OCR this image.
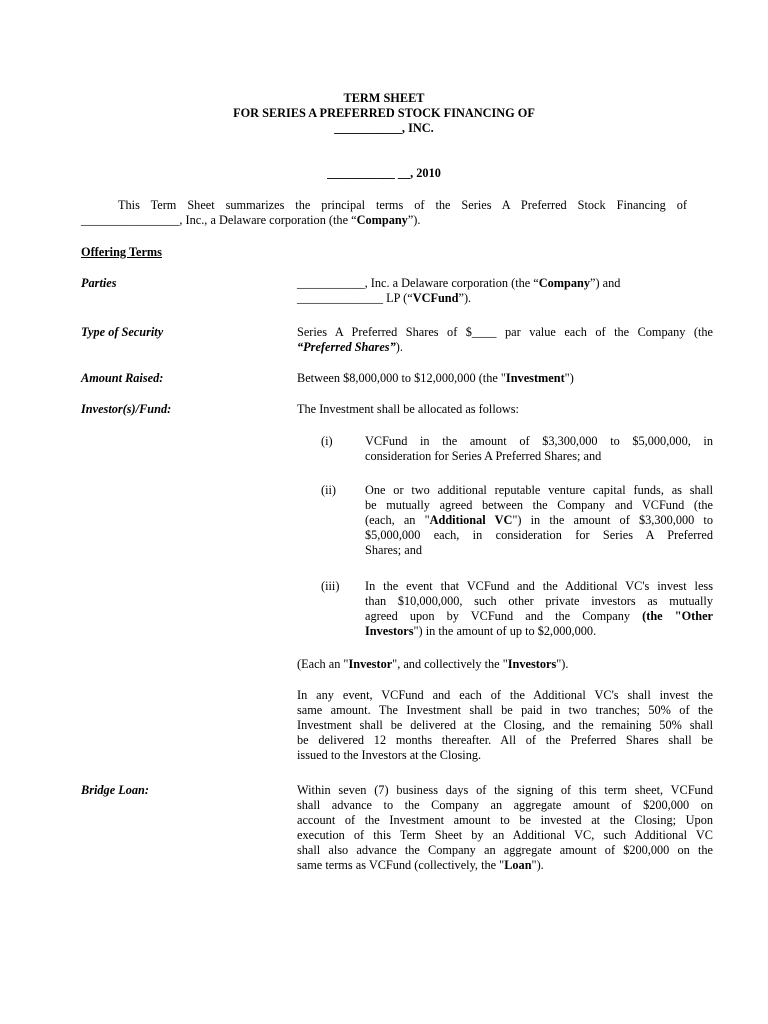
TERM SHEET
FOR SERIES A PREFERRED STOCK FINANCING OF
___________, INC.
___________ __, 2010
This Term Sheet summarizes the principal terms of the Series A Preferred Stock Financing of
________________, Inc., a Delaware corporation (the “Company”).
Offering Terms
Parties	___________, Inc. a Delaware corporation (the “Company”) and
______________ LP (“VCFund”).
Type of Security	Series A Preferred Shares of $____ par value each of the Company (the
“Preferred Shares”).
Amount Raised:	Between $8,000,000 to $12,000,000 (the "Investment")
Investor(s)/Fund:	The Investment shall be allocated as follows:
(i)	VCFund in the amount of $3,300,000 to $5,000,000, in
consideration for Series A Preferred Shares; and
(ii) One or two additional reputable venture capital funds, as shall
be mutually agreed between the Company and VCFund (the
(each, an "Additional VC") in the amount of $3,300,000 to
$5,000,000 each, in consideration for Series A Preferred
Shares; and
(iii) In the event that VCFund and the Additional VC's invest less
than $10,000,000, such other private investors as mutually
agreed upon by VCFund and the Company (the "Other
Investors") in the amount of up to $2,000,000.
(Each an "Investor", and collectively the "Investors").
In any event, VCFund and each of the Additional VC's shall invest the
same amount. The Investment shall be paid in two tranches; 50% of the
Investment shall be delivered at the Closing, and the remaining 50% shall
be delivered 12 months thereafter. All of the Preferred Shares shall be
issued to the Investors at the Closing.
Bridge Loan:	Within seven (7) business days of the signing of this term sheet, VCFund
shall advance to the Company an aggregate amount of $200,000 on
account of the Investment amount to be invested at the Closing; Upon
execution of this Term Sheet by an Additional VC, such Additional VC
shall also advance the Company an aggregate amount of $200,000 on the
same terms as VCFund (collectively, the "Loan").
